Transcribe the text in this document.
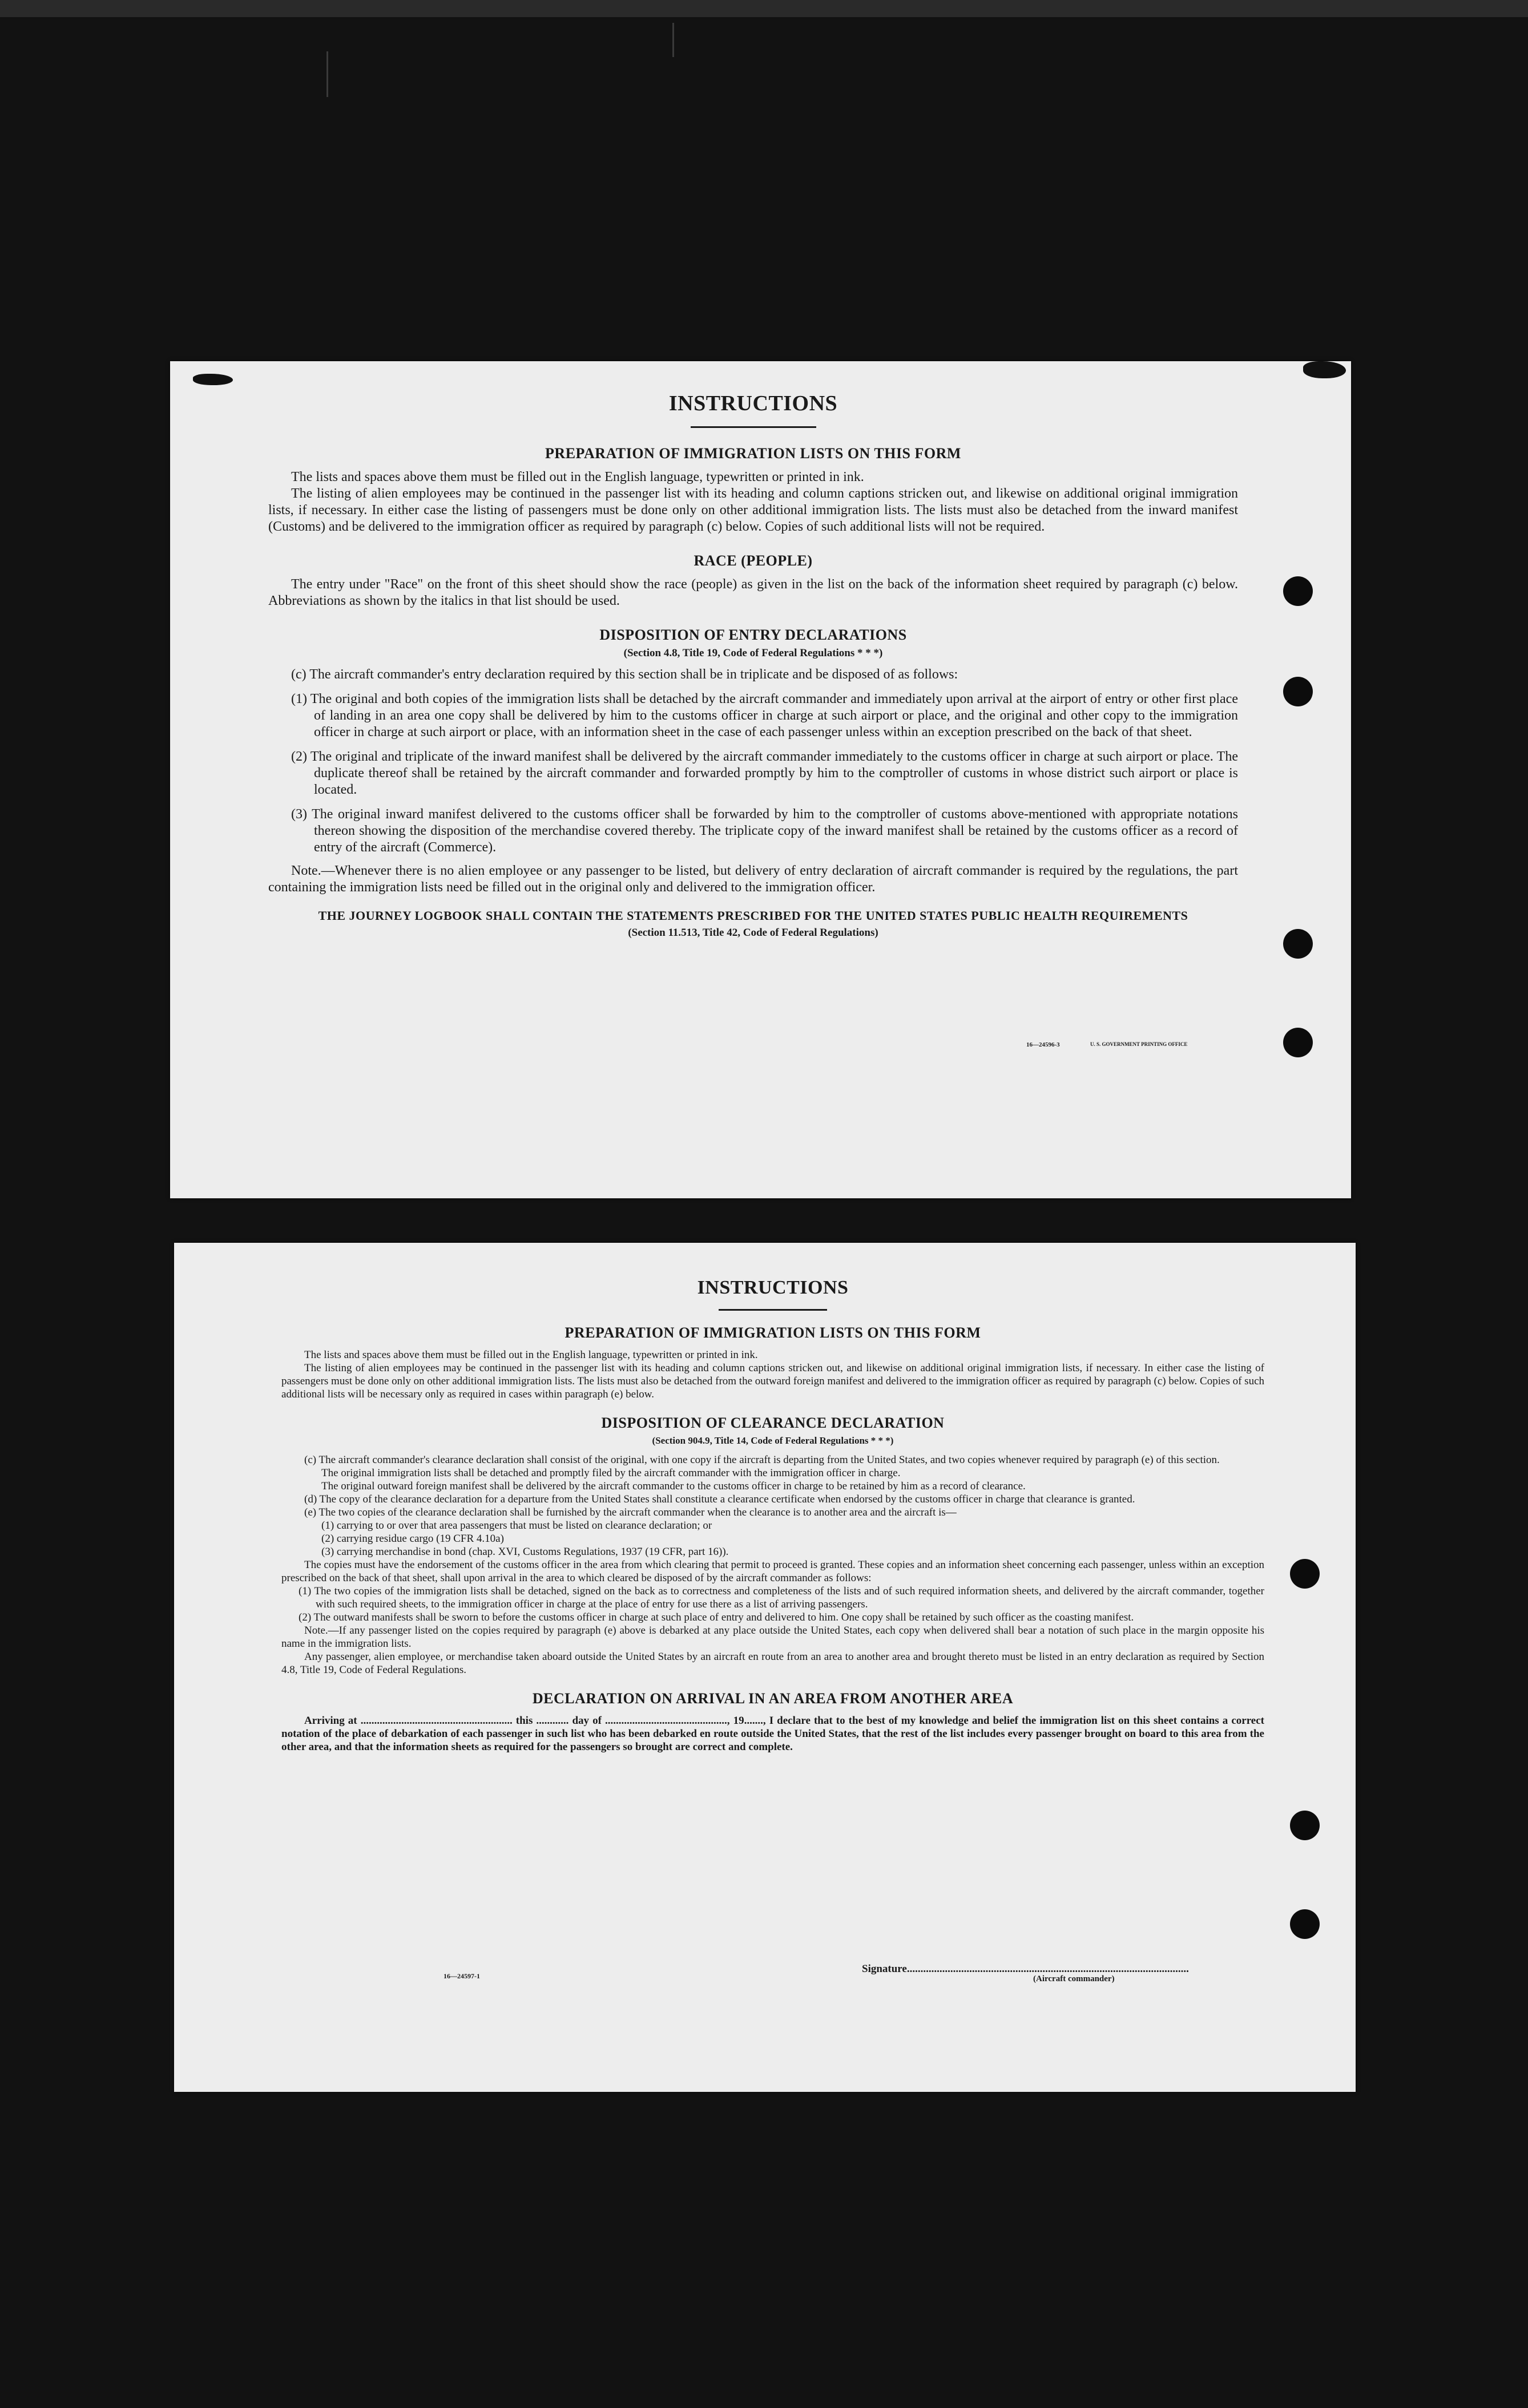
INSTRUCTIONS
PREPARATION OF IMMIGRATION LISTS ON THIS FORM

The lists and spaces above them must be filled out in the English language, typewritten or printed in ink.

The listing of alien employees may be continued in the passenger list with its heading and column captions stricken out, and likewise on additional original immigration lists, if necessary. In either case the listing of passengers must be done only on other additional immigration lists. The lists must also be detached from the inward manifest (Customs) and be delivered to the immigration officer as required by paragraph (c) below. Copies of such additional lists will not be required.

RACE (PEOPLE)

The entry under "Race" on the front of this sheet should show the race (people) as given in the list on the back of the information sheet required by paragraph (c) below. Abbreviations as shown by the italics in that list should be used.

DISPOSITION OF ENTRY DECLARATIONS
(Section 4.8, Title 19, Code of Federal Regulations * * *)

(c) The aircraft commander's entry declaration required by this section shall be in triplicate and be disposed of as follows:

(1) The original and both copies of the immigration lists shall be detached by the aircraft commander and immediately upon arrival at the airport of entry or other first place of landing in an area one copy shall be delivered by him to the customs officer in charge at such airport or place, and the original and other copy to the immigration officer in charge at such airport or place, with an information sheet in the case of each passenger unless within an exception prescribed on the back of that sheet.
(2) The original and triplicate of the inward manifest shall be delivered by the aircraft commander immediately to the customs officer in charge at such airport or place. The duplicate thereof shall be retained by the aircraft commander and forwarded promptly by him to the comptroller of customs in whose district such airport or place is located.
(3) The original inward manifest delivered to the customs officer shall be forwarded by him to the comptroller of customs above-mentioned with appropriate notations thereon showing the disposition of the merchandise covered thereby. The triplicate copy of the inward manifest shall be retained by the customs officer as a record of entry of the aircraft (Commerce).

Note.—Whenever there is no alien employee or any passenger to be listed, but delivery of entry declaration of aircraft commander is required by the regulations, the part containing the immigration lists need be filled out in the original only and delivered to the immigration officer.

THE JOURNEY LOGBOOK SHALL CONTAIN THE STATEMENTS PRESCRIBED FOR THE UNITED STATES PUBLIC HEALTH REQUIREMENTS
(Section 11.513, Title 42, Code of Federal Regulations)
16—24596-3	U. S. GOVERNMENT PRINTING OFFICE
INSTRUCTIONS
PREPARATION OF IMMIGRATION LISTS ON THIS FORM

The lists and spaces above them must be filled out in the English language, typewritten or printed in ink.

The listing of alien employees may be continued in the passenger list with its heading and column captions stricken out, and likewise on additional original immigration lists, if necessary. In either case the listing of passengers must be done only on other additional immigration lists. The lists must also be detached from the outward foreign manifest and delivered to the immigration officer as required by paragraph (c) below. Copies of such additional lists will be necessary only as required in cases within paragraph (e) below.

DISPOSITION OF CLEARANCE DECLARATION
(Section 904.9, Title 14, Code of Federal Regulations * * *)

(c) The aircraft commander's clearance declaration shall consist of the original, with one copy if the aircraft is departing from the United States, and two copies whenever required by paragraph (e) of this section.

The original immigration lists shall be detached and promptly filed by the aircraft commander with the immigration officer in charge.
The original outward foreign manifest shall be delivered by the aircraft commander to the customs officer in charge to be retained by him as a record of clearance.

(d) The copy of the clearance declaration for a departure from the United States shall constitute a clearance certificate when endorsed by the customs officer in charge that clearance is granted.

(e) The two copies of the clearance declaration shall be furnished by the aircraft commander when the clearance is to another area and the aircraft is—

(1) carrying to or over that area passengers that must be listed on clearance declaration; or
(2) carrying residue cargo (19 CFR 4.10a)
(3) carrying merchandise in bond (chap. XVI, Customs Regulations, 1937 (19 CFR, part 16)).

The copies must have the endorsement of the customs officer in the area from which clearing that permit to proceed is granted. These copies and an information sheet concerning each passenger, unless within an exception prescribed on the back of that sheet, shall upon arrival in the area to which cleared be disposed of by the aircraft commander as follows:

(1) The two copies of the immigration lists shall be detached, signed on the back as to correctness and completeness of the lists and of such required information sheets, and delivered by the aircraft commander, together with such required sheets, to the immigration officer in charge at the place of entry for use there as a list of arriving passengers.
(2) The outward manifests shall be sworn to before the customs officer in charge at such place of entry and delivered to him. One copy shall be retained by such officer as the coasting manifest.

Note.—If any passenger listed on the copies required by paragraph (e) above is debarked at any place outside the United States, each copy when delivered shall bear a notation of such place in the margin opposite his name in the immigration lists.

Any passenger, alien employee, or merchandise taken aboard outside the United States by an aircraft en route from an area to another area and brought thereto must be listed in an entry declaration as required by Section 4.8, Title 19, Code of Federal Regulations.

DECLARATION ON ARRIVAL IN AN AREA FROM ANOTHER AREA

Arriving at ........................................................ this ............ day of ............................................., 19......., I declare that to the best of my knowledge and belief the immigration list on this sheet contains a correct notation of the place of debarkation of each passenger in such list who has been debarked en route outside the United States, that the rest of the list includes every passenger brought on board to this area from the other area, and that the information sheets as required for the passengers so brought are correct and complete.

Signature........................................................................................................
(Aircraft commander)
16—24597-1
